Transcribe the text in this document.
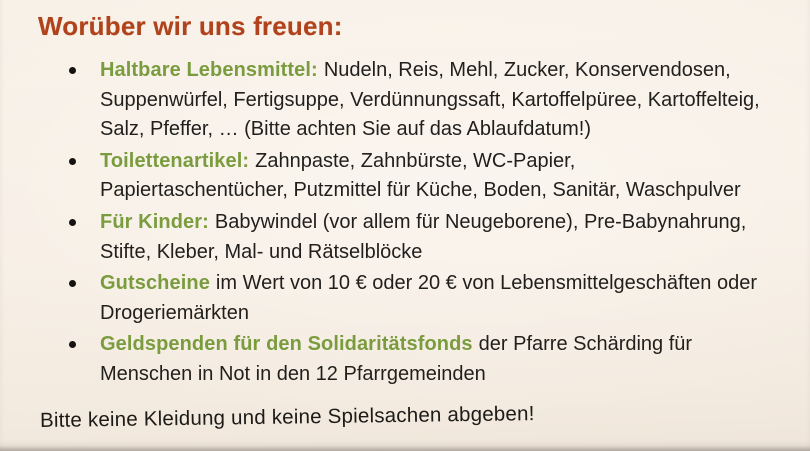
Worüber wir uns freuen:
Haltbare Lebensmittel: Nudeln, Reis, Mehl, Zucker, Konservendosen, Suppenwürfel, Fertigsuppe, Verdünnungssaft, Kartoffelpüree, Kartoffelteig, Salz, Pfeffer, … (Bitte achten Sie auf das Ablaufdatum!)
Toilettenartikel: Zahnpaste, Zahnbürste, WC-Papier, Papiertaschentücher, Putzmittel für Küche, Boden, Sanitär, Waschpulver
Für Kinder: Babywindel (vor allem für Neugeborene), Pre-Babynahrung, Stifte, Kleber, Mal- und Rätselblöcke
Gutscheine im Wert von 10 € oder 20 € von Lebensmittelgeschäften oder Drogeriemärkten
Geldspenden für den Solidaritätsfonds der Pfarre Schärding für Menschen in Not in den 12 Pfarrgemeinden

Bitte keine Kleidung und keine Spielsachen abgeben!
